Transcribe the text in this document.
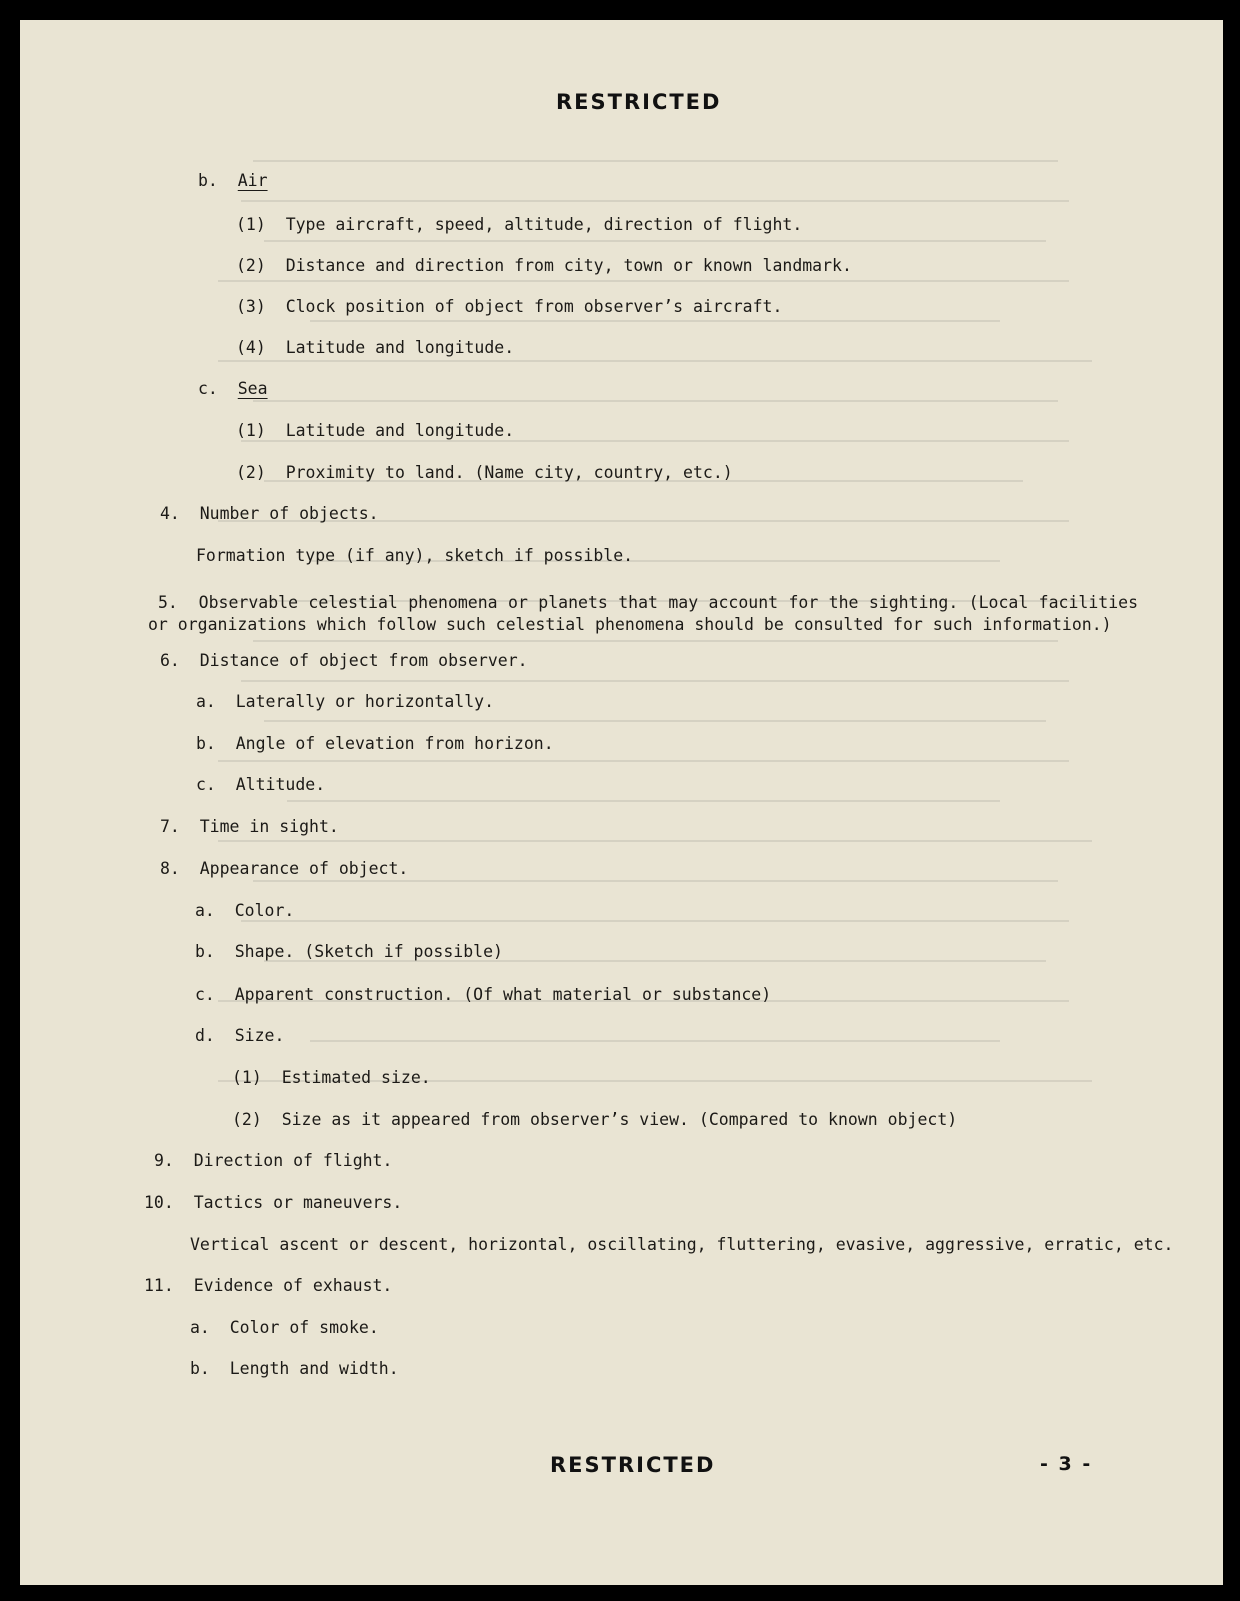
RESTRICTED
b. Air
(1) Type aircraft, speed, altitude, direction of flight.
(2) Distance and direction from city, town or known landmark.
(3) Clock position of object from observer’s aircraft.
(4) Latitude and longitude.
c. Sea
(1) Latitude and longitude.
(2) Proximity to land. (Name city, country, etc.)
4. Number of objects.
Formation type (if any), sketch if possible.
5. Observable celestial phenomena or planets that may account for the sighting. (Local facilities or organizations which follow such celestial phenomena should be consulted for such information.)
6. Distance of object from observer.
a. Laterally or horizontally.
b. Angle of elevation from horizon.
c. Altitude.
7. Time in sight.
8. Appearance of object.
a. Color.
b. Shape. (Sketch if possible)
c. Apparent construction. (Of what material or substance)
d. Size.
(1) Estimated size.
(2) Size as it appeared from observer’s view. (Compared to known object)
9. Direction of flight.
10. Tactics or maneuvers.
Vertical ascent or descent, horizontal, oscillating, fluttering, evasive, aggressive, erratic, etc.
11. Evidence of exhaust.
a. Color of smoke.
b. Length and width.
RESTRICTED	- 3 -
